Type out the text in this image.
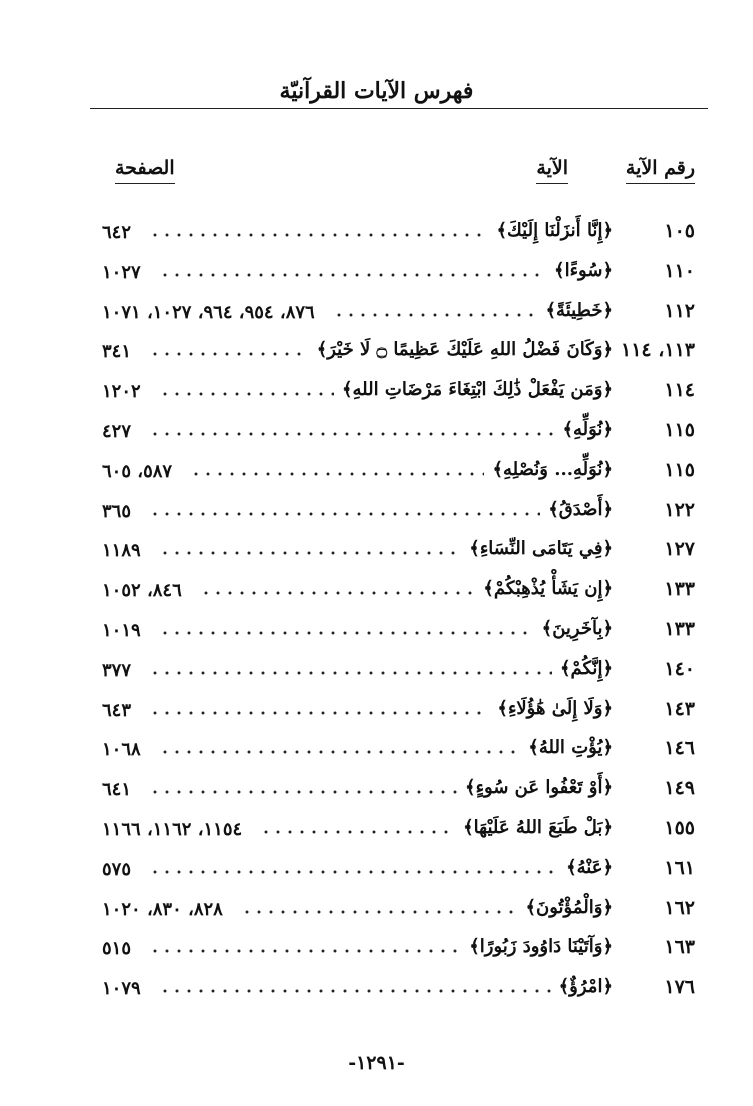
فهرس الآيات القرآنيّة
رقم الآية
الآية
الصفحة
١٠٥
﴿إِنَّا أَنزَلْنَا إِلَيْكَ﴾
٦٤٢
١١٠
﴿سُوءًا﴾
١٠٢٧
١١٢
﴿خَطِيئَةً﴾
٨٧٦، ٩٥٤، ٩٦٤، ١٠٢٧، ١٠٧١
١١٣، ١١٤
﴿وَكَانَ فَضْلُ اللهِ عَلَيْكَ عَظِيمًا ۝ لَا خَيْرَ﴾
٣٤١
١١٤
﴿وَمَن يَفْعَلْ ذَٰلِكَ ابْتِغَاءَ مَرْضَاتِ اللهِ﴾
١٢٠٢
١١٥
﴿نُوَلِّهِ﴾
٤٢٧
١١٥
﴿نُوَلِّهِ... وَنُصْلِهِ﴾
٥٨٧، ٦٠٥
١٢٢
﴿أَصْدَقُ﴾
٣٦٥
١٢٧
﴿فِي يَتَامَى النِّسَاءِ﴾
١١٨٩
١٣٣
﴿إِن يَشَأْ يُذْهِبْكُمْ﴾
٨٤٦، ١٠٥٢
١٣٣
﴿بِآخَرِينَ﴾
١٠١٩
١٤٠
﴿إِنَّكُمْ﴾
٣٧٧
١٤٣
﴿وَلَا إِلَىٰ هَٰؤُلَاءِ﴾
٦٤٣
١٤٦
﴿يُؤْتِ اللهُ﴾
١٠٦٨
١٤٩
﴿أَوْ تَعْفُوا عَن سُوءٍ﴾
٦٤١
١٥٥
﴿بَلْ طَبَعَ اللهُ عَلَيْهَا﴾
١١٥٤، ١١٦٢، ١١٦٦
١٦١
﴿عَنْهُ﴾
٥٧٥
١٦٢
﴿وَالْمُؤْتُونَ﴾
٨٢٨، ٨٣٠، ١٠٢٠
١٦٣
﴿وَآتَيْنَا دَاوُودَ زَبُورًا﴾
٥١٥
١٧٦
﴿امْرُؤٌ﴾
١٠٧٩
-١٢٩١-
